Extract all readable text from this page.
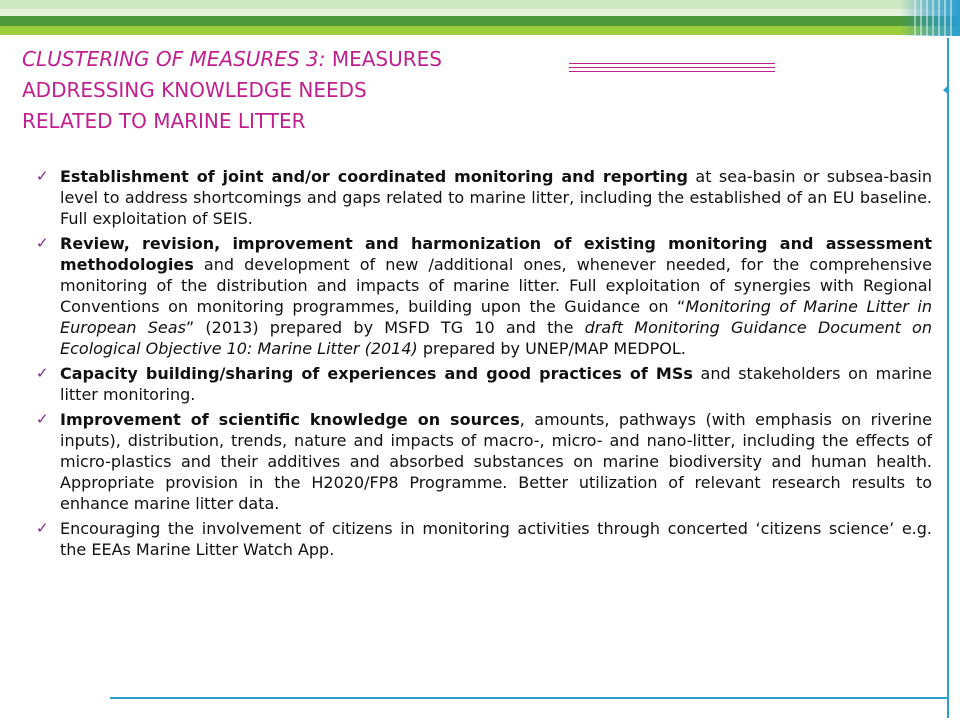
CLUSTERING OF MEASURES 3: MEASURES
ADDRESSING KNOWLEDGE NEEDS
RELATED TO MARINE LITTER
✓ Establishment of joint and/or coordinated monitoring and reporting at sea-basin or subsea-basin level to address shortcomings and gaps related to marine litter, including the established of an EU baseline. Full exploitation of SEIS.
✓ Review, revision, improvement and harmonization of existing monitoring and assessment methodologies and development of new /additional ones, whenever needed, for the comprehensive monitoring of the distribution and impacts of marine litter. Full exploitation of synergies with Regional Conventions on monitoring programmes, building upon the Guidance on “Monitoring of Marine Litter in European Seas” (2013) prepared by MSFD TG 10 and the draft Monitoring Guidance Document on Ecological Objective 10: Marine Litter (2014) prepared by UNEP/MAP MEDPOL.
✓ Capacity building/sharing of experiences and good practices of MSs and stakeholders on marine litter monitoring.
✓ Improvement of scientific knowledge on sources, amounts, pathways (with emphasis on riverine inputs), distribution, trends, nature and impacts of macro-, micro- and nano-litter, including the effects of micro-plastics and their additives and absorbed substances on marine biodiversity and human health. Appropriate provision in the H2020/FP8 Programme. Better utilization of relevant research results to enhance marine litter data.
✓ Encouraging the involvement of citizens in monitoring activities through concerted ‘citizens science’ e.g. the EEAs Marine Litter Watch App.
